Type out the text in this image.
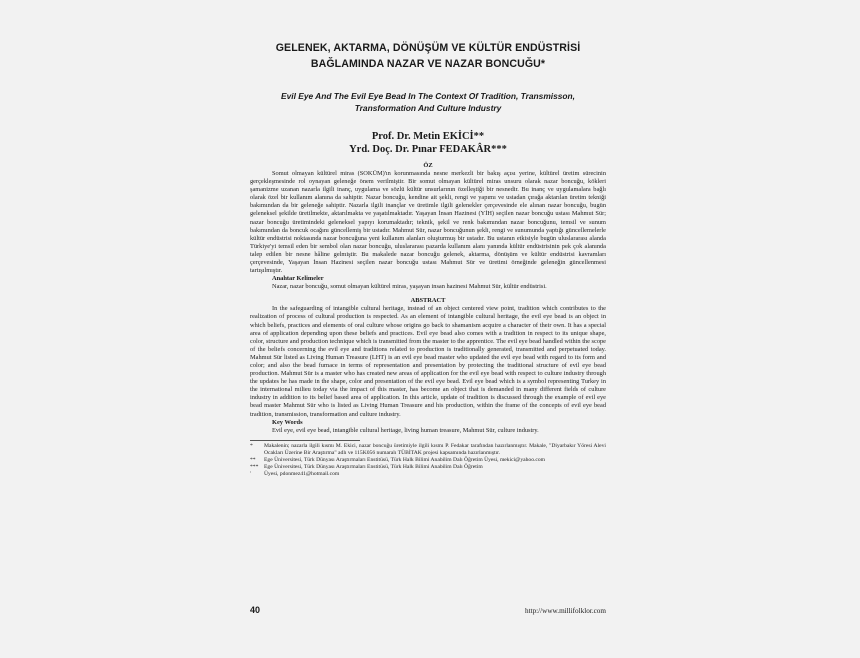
GELENEK, AKTARMA, DÖNÜŞÜM VE KÜLTÜR ENDÜSTRİSİ
BAĞLAMINDA NAZAR VE NAZAR BONCUĞU*
Evil Eye And The Evil Eye Bead In The Context Of Tradition, Transmisson,
Transformation And Culture Industry
Prof. Dr. Metin EKİCİ**
Yrd. Doç. Dr. Pınar FEDAKÂR***
ÖZ

Somut olmayan kültürel miras (SOKÜM)'ın korunmasında nesne merkezli bir bakış açısı yerine, kültürel üretim sürecinin gerçekleşmesinde rol oynayan geleneğe önem verilmiştir. Bir somut olmayan kültürel miras unsuru olarak nazar boncuğu, kökleri şamanizme uzanan nazarla ilgili inanç, uygulama ve sözlü kültür unsurlarının özelleştiği bir nesnedir. Bu inanç ve uygulamalara bağlı olarak özel bir kullanım alanına da sahiptir. Nazar boncuğu, kendine ait şekli, rengi ve yapımı ve ustadan çırağa aktarılan üretim tekniği bakımından da bir geleneğe sahiptir. Nazarla ilgili inançlar ve üretimle ilgili gelenekler çerçevesinde ele alınan nazar boncuğu, bugün geleneksel şekilde üretilmekte, aktarılmakta ve yaşatılmaktadır. Yaşayan İnsan Hazinesi (YİH) seçilen nazar boncuğu ustası Mahmut Sür; nazar boncuğu üretimindeki geleneksel yapıyı korumaktadır; teknik, şekil ve renk bakımından nazar boncuğunu, temsil ve sunum bakımından da boncuk ocağını güncellemiş bir ustadır. Mahmut Sür, nazar boncuğunun şekli, rengi ve sunumunda yaptığı güncellemelerle kültür endüstrisi noktasında nazar boncuğuna yeni kullanım alanları oluşturmuş bir ustadır. Bu ustanın etkisiyle bugün uluslararası alanda Türkiye'yi temsil eden bir sembol olan nazar boncuğu, uluslararası pazarda kullanım alanı yanında kültür endüstrisinin pek çok alanında talep edilen bir nesne hâline gelmiştir. Bu makalede nazar boncuğu gelenek, aktarma, dönüşüm ve kültür endüstrisi kavramları çerçevesinde, Yaşayan İnsan Hazinesi seçilen nazar boncuğu ustası Mahmut Sür ve üretimi örneğinde geleneğin güncellenmesi tartışılmıştır.

Anahtar Kelimeler

Nazar, nazar boncuğu, somut olmayan kültürel miras, yaşayan insan hazinesi Mahmut Sür, kültür endüstrisi.

ABSTRACT

In the safeguarding of intangible cultural heritage, instead of an object centered view point, tradition which contributes to the realization of process of cultural production is respected. As an element of intangible cultural heritage, the evil eye bead is an object in which beliefs, practices and elements of oral culture whose origins go back to shamanism acquire a character of their own. It has a special area of application depending upon these beliefs and practices. Evil eye bead also comes with a tradition in respect to its unique shape, color, structure and production technique which is transmitted from the master to the apprentice. The evil eye bead handled within the scope of the beliefs concerning the evil eye and traditions related to production is traditionally generated, transmitted and perpetuated today. Mahmut Sür listed as Living Human Treasure (LHT) is an evil eye bead master who updated the evil eye bead with regard to its form and color; and also the bead furnace in terms of representation and presentation by protecting the traditional structure of evil eye bead production. Mahmut Sür is a master who has created new areas of application for the evil eye bead with respect to culture industry through the updates he has made in the shape, color and presentation of the evil eye bead. Evil eye bead which is a symbol representing Turkey in the international milieu today via the impact of this master, has become an object that is demanded in many different fields of culture industry in addition to its belief based area of application. In this article, update of tradition is discussed through the example of evil eye bead master Mahmut Sür who is listed as Living Human Treasure and his production, within the frame of the concepts of evil eye bead tradition, transmission, transformation and culture industry.

Key Words

Evil eye, evil eye bead, intangible cultural heritage, living human treasure, Mahmut Sür, culture industry.

*	Makalenin; nazarla ilgili kısmı M. Ekici, nazar boncuğu üretimiyle ilgili kısmı P. Fedakar tarafından hazırlanmıştır. Makale, "Diyarbakır Yöresi Alevi Ocakları Üzerine Bir Araştırma" adlı ve 115K056 numaralı TÜBİTAK projesi kapsamında hazırlanmıştır.
**	Ege Üniversitesi, Türk Dünyası Araştırmaları Enstitüsü, Türk Halk Bilimi Anabilim Dalı Öğretim Üyesi, mekici@yahoo.com
***	Ege Üniversitesi, Türk Dünyası Araştırmaları Enstitüsü, Türk Halk Bilimi Anabilim Dalı Öğretim
'	Üyesi, pdonmez41@hotmail.com
40	http://www.millifolklor.com
